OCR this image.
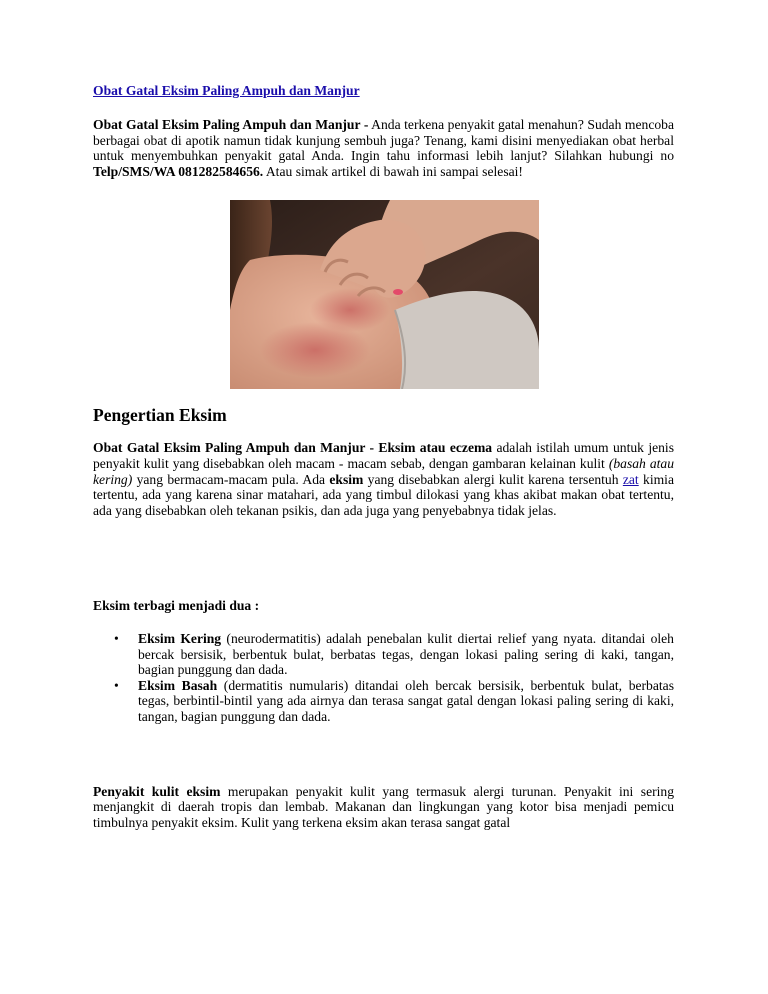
Obat Gatal Eksim Paling Ampuh dan Manjur

Obat Gatal Eksim Paling Ampuh dan Manjur - Anda terkena penyakit gatal menahun? Sudah mencoba berbagai obat di apotik namun tidak kunjung sembuh juga? Tenang, kami disini menyediakan obat herbal untuk menyembuhkan penyakit gatal Anda. Ingin tahu informasi lebih lanjut? Silahkan hubungi no Telp/SMS/WA 081282584656. Atau simak artikel di bawah ini sampai selesai!

Pengertian Eksim

Obat Gatal Eksim Paling Ampuh dan Manjur - Eksim atau eczema adalah istilah umum untuk jenis penyakit kulit yang disebabkan oleh macam - macam sebab, dengan gambaran kelainan kulit (basah atau kering) yang bermacam-macam pula. Ada eksim yang disebabkan alergi kulit karena tersentuh zat kimia tertentu, ada yang karena sinar matahari, ada yang timbul dilokasi yang khas akibat makan obat tertentu, ada yang disebabkan oleh tekanan psikis, dan ada juga yang penyebabnya tidak jelas.

Eksim terbagi menjadi dua :

• Eksim Kering (neurodermatitis) adalah penebalan kulit diertai relief yang nyata. ditandai oleh bercak bersisik, berbentuk bulat, berbatas tegas, dengan lokasi paling sering di kaki, tangan, bagian punggung dan dada.
• Eksim Basah (dermatitis numularis) ditandai oleh bercak bersisik, berbentuk bulat, berbatas tegas, berbintil-bintil yang ada airnya dan terasa sangat gatal dengan lokasi paling sering di kaki, tangan, bagian punggung dan dada.

Penyakit kulit eksim merupakan penyakit kulit yang termasuk alergi turunan. Penyakit ini sering menjangkit di daerah tropis dan lembab. Makanan dan lingkungan yang kotor bisa menjadi pemicu timbulnya penyakit eksim. Kulit yang terkena eksim akan terasa sangat gatal
